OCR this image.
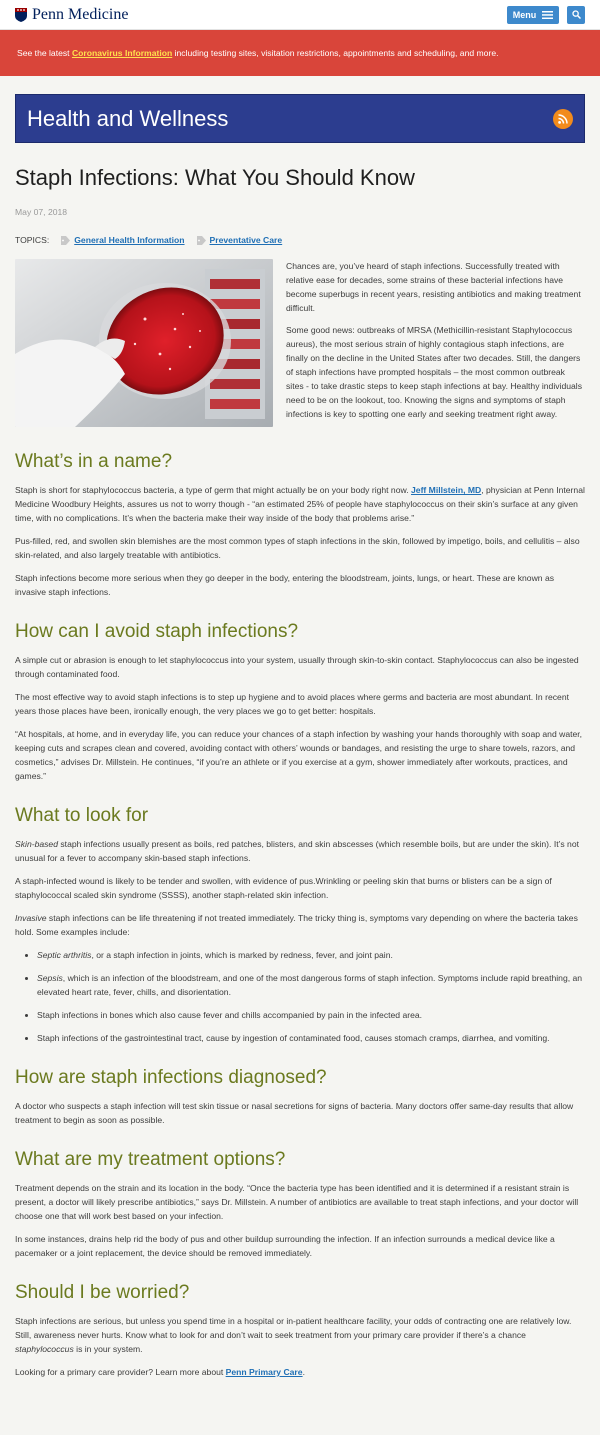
Penn Medicine	Menu
See the latest Coronavirus Information including testing sites, visitation restrictions, appointments and scheduling, and more.
Health and Wellness
Staph Infections: What You Should Know
May 07, 2018
TOPICS:	General Health Information	Preventative Care

Chances are, you’ve heard of staph infections. Successfully treated with relative ease for decades, some strains of these bacterial infections have become superbugs in recent years, resisting antibiotics and making treatment difficult.

Some good news: outbreaks of MRSA (Methicillin-resistant Staphylococcus aureus), the most serious strain of highly contagious staph infections, are finally on the decline in the United States after two decades. Still, the dangers of staph infections have prompted hospitals – the most common outbreak sites - to take drastic steps to keep staph infections at bay. Healthy individuals need to be on the lookout, too. Knowing the signs and symptoms of staph infections is key to spotting one early and seeking treatment right away.

What’s in a name?

Staph is short for staphylococcus bacteria, a type of germ that might actually be on your body right now. Jeff Millstein, MD, physician at Penn Internal Medicine Woodbury Heights, assures us not to worry though - “an estimated 25% of people have staphylococcus on their skin’s surface at any given time, with no complications. It’s when the bacteria make their way inside of the body that problems arise.”

Pus-filled, red, and swollen skin blemishes are the most common types of staph infections in the skin, followed by impetigo, boils, and cellulitis – also skin-related, and also largely treatable with antibiotics.

Staph infections become more serious when they go deeper in the body, entering the bloodstream, joints, lungs, or heart. These are known as invasive staph infections.

How can I avoid staph infections?

A simple cut or abrasion is enough to let staphylococcus into your system, usually through skin-to-skin contact. Staphylococcus can also be ingested through contaminated food.

The most effective way to avoid staph infections is to step up hygiene and to avoid places where germs and bacteria are most abundant. In recent years those places have been, ironically enough, the very places we go to get better: hospitals.

“At hospitals, at home, and in everyday life, you can reduce your chances of a staph infection by washing your hands thoroughly with soap and water, keeping cuts and scrapes clean and covered, avoiding contact with others’ wounds or bandages, and resisting the urge to share towels, razors, and cosmetics,” advises Dr. Millstein. He continues, “if you’re an athlete or if you exercise at a gym, shower immediately after workouts, practices, and games.”

What to look for

Skin-based staph infections usually present as boils, red patches, blisters, and skin abscesses (which resemble boils, but are under the skin). It’s not unusual for a fever to accompany skin-based staph infections.

A staph-infected wound is likely to be tender and swollen, with evidence of pus.Wrinkling or peeling skin that burns or blisters can be a sign of staphylococcal scaled skin syndrome (SSSS), another staph-related skin infection.

Invasive staph infections can be life threatening if not treated immediately. The tricky thing is, symptoms vary depending on where the bacteria takes hold. Some examples include:

Septic arthritis, or a staph infection in joints, which is marked by redness, fever, and joint pain.
Sepsis, which is an infection of the bloodstream, and one of the most dangerous forms of staph infection. Symptoms include rapid breathing, an elevated heart rate, fever, chills, and disorientation.
Staph infections in bones which also cause fever and chills accompanied by pain in the infected area.
Staph infections of the gastrointestinal tract, cause by ingestion of contaminated food, causes stomach cramps, diarrhea, and vomiting.
How are staph infections diagnosed?

A doctor who suspects a staph infection will test skin tissue or nasal secretions for signs of bacteria. Many doctors offer same-day results that allow treatment to begin as soon as possible.

What are my treatment options?

Treatment depends on the strain and its location in the body. “Once the bacteria type has been identified and it is determined if a resistant strain is present, a doctor will likely prescribe antibiotics,” says Dr. Millstein. A number of antibiotics are available to treat staph infections, and your doctor will choose one that will work best based on your infection.

In some instances, drains help rid the body of pus and other buildup surrounding the infection. If an infection surrounds a medical device like a pacemaker or a joint replacement, the device should be removed immediately.

Should I be worried?

Staph infections are serious, but unless you spend time in a hospital or in-patient healthcare facility, your odds of contracting one are relatively low. Still, awareness never hurts. Know what to look for and don’t wait to seek treatment from your primary care provider if there’s a chance staphylococcus is in your system.

Looking for a primary care provider? Learn more about Penn Primary Care.
